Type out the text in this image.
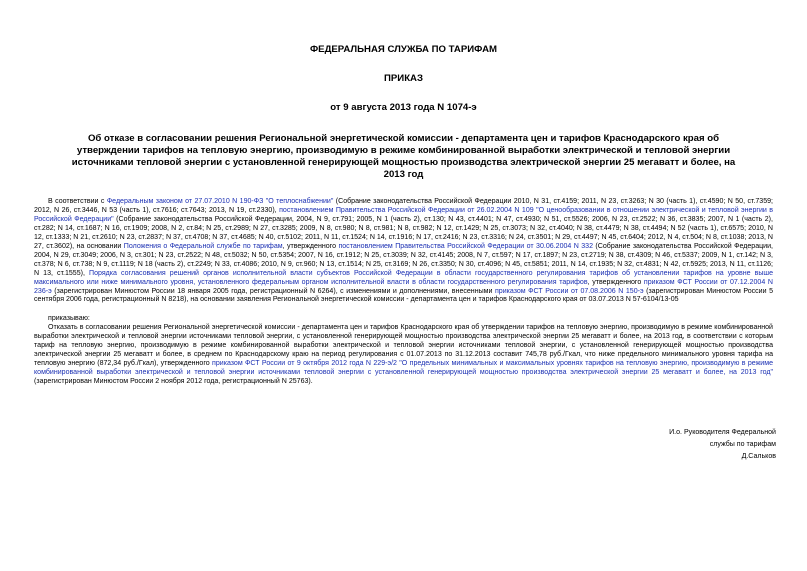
ФЕДЕРАЛЬНАЯ СЛУЖБА ПО ТАРИФАМ

ПРИКАЗ

от 9 августа 2013 года N 1074-э

Об отказе в согласовании решения Региональной энергетической комиссии - департамента цен и тарифов Краснодарского края об утверждении тарифов на тепловую энергию, производимую в режиме комбинированной выработки электрической и тепловой энергии источниками тепловой энергии с установленной генерирующей мощностью производства электрической энергии 25 мегаватт и более, на 2013 год

В соответствии с Федеральным законом от 27.07.2010 N 190-ФЗ "О теплоснабжении" (Собрание законодательства Российской Федерации 2010, N 31, ст.4159; 2011, N 23, ст.3263; N 30 (часть 1), ст.4590; N 50, ст.7359; 2012, N 26, ст.3446, N 53 (часть 1), ст.7616; ст.7643; 2013, N 19, ст.2330), постановлением Правительства Российской Федерации от 26.02.2004 N 109 "О ценообразовании в отношении электрической и тепловой энергии в Российской Федерации" (Собрание законодательства Российской Федерации, 2004, N 9, ст.791; 2005, N 1 (часть 2), ст.130; N 43, ст.4401; N 47, ст.4930; N 51, ст.5526; 2006, N 23, ст.2522; N 36, ст.3835; 2007, N 1 (часть 2), ст.282; N 14, ст.1687; N 16, ст.1909; 2008, N 2, ст.84; N 25, ст.2989; N 27, ст.3285; 2009, N 8, ст.980; N 8, ст.981; N 8, ст.982; N 12, ст.1429; N 25, ст.3073; N 32, ст.4040; N 38, ст.4479; N 38, ст.4494; N 52 (часть 1), ст.6575; 2010, N 12, ст.1333; N 21, ст.2610; N 23, ст.2837; N 37, ст.4708; N 37, ст.4685; N 40, ст.5102; 2011, N 11, ст.1524; N 14, ст.1916; N 17, ст.2416; N 23, ст.3316; N 24, ст.3501; N 29, ст.4497; N 45, ст.6404; 2012, N 4, ст.504; N 8, ст.1038; 2013, N 27, ст.3602), на основании Положения о Федеральной службе по тарифам, утвержденного постановлением Правительства Российской Федерации от 30.06.2004 N 332 (Собрание законодательства Российской Федерации, 2004, N 29, ст.3049; 2006, N 3, ст.301; N 23, ст.2522; N 48, ст.5032; N 50, ст.5354; 2007, N 16, ст.1912; N 25, ст.3039; N 32, ст.4145; 2008, N 7, ст.597; N 17, ст.1897; N 23, ст.2719; N 38, ст.4309; N 46, ст.5337; 2009, N 1, ст.142; N 3, ст.378; N 6, ст.738; N 9, ст.1119; N 18 (часть 2), ст.2249; N 33, ст.4086; 2010, N 9, ст.960; N 13, ст.1514; N 25, ст.3169; N 26, ст.3350; N 30, ст.4096; N 45, ст.5851; 2011, N 14, ст.1935; N 32, ст.4831; N 42, ст.5925; 2013, N 11, ст.1126; N 13, ст.1555), Порядка согласования решений органов исполнительной власти субъектов Российской Федерации в области государственного регулирования тарифов об установлении тарифов на уровне выше максимального или ниже минимального уровня, установленного федеральным органом исполнительной власти в области государственного регулирования тарифов, утвержденного приказом ФСТ России от 07.12.2004 N 236-э (зарегистрирован Минюстом России 18 января 2005 года, регистрационный N 6264), с изменениями и дополнениями, внесенными приказом ФСТ России от 07.08.2006 N 150-э (зарегистрирован Минюстом России 5 сентября 2006 года, регистрационный N 8218), на основании заявления Региональной энергетической комиссии - департамента цен и тарифов Краснодарского края от 03.07.2013 N 57-6104/13-05

приказываю:

Отказать в согласовании решения Региональной энергетической комиссии - департамента цен и тарифов Краснодарского края об утверждении тарифов на тепловую энергию, производимую в режиме комбинированной выработки электрической и тепловой энергии источниками тепловой энергии, с установленной генерирующей мощностью производства электрической энергии 25 мегаватт и более, на 2013 год, в соответствии с которым тариф на тепловую энергию, производимую в режиме комбинированной выработки электрической и тепловой энергии источниками тепловой энергии, с установленной генерирующей мощностью производства электрической энергии 25 мегаватт и более, в среднем по Краснодарскому краю на период регулирования с 01.07.2013 по 31.12.2013 составит 745,78 руб./Гкал, что ниже предельного минимального уровня тарифа на тепловую энергию (872,34 руб./Гкал), утвержденного приказом ФСТ России от 9 октября 2012 года N 229-э/2 "О предельных минимальных и максимальных уровнях тарифов на тепловую энергию, производимую в режиме комбинированной выработки электрической и тепловой энергии источниками тепловой энергии с установленной генерирующей мощностью производства электрической энергии 25 мегаватт и более, на 2013 год" (зарегистрирован Минюстом России 2 ноября 2012 года, регистрационный N 25763).

И.о. Руководителя Федеральной
службы по тарифам
Д.Сальков
